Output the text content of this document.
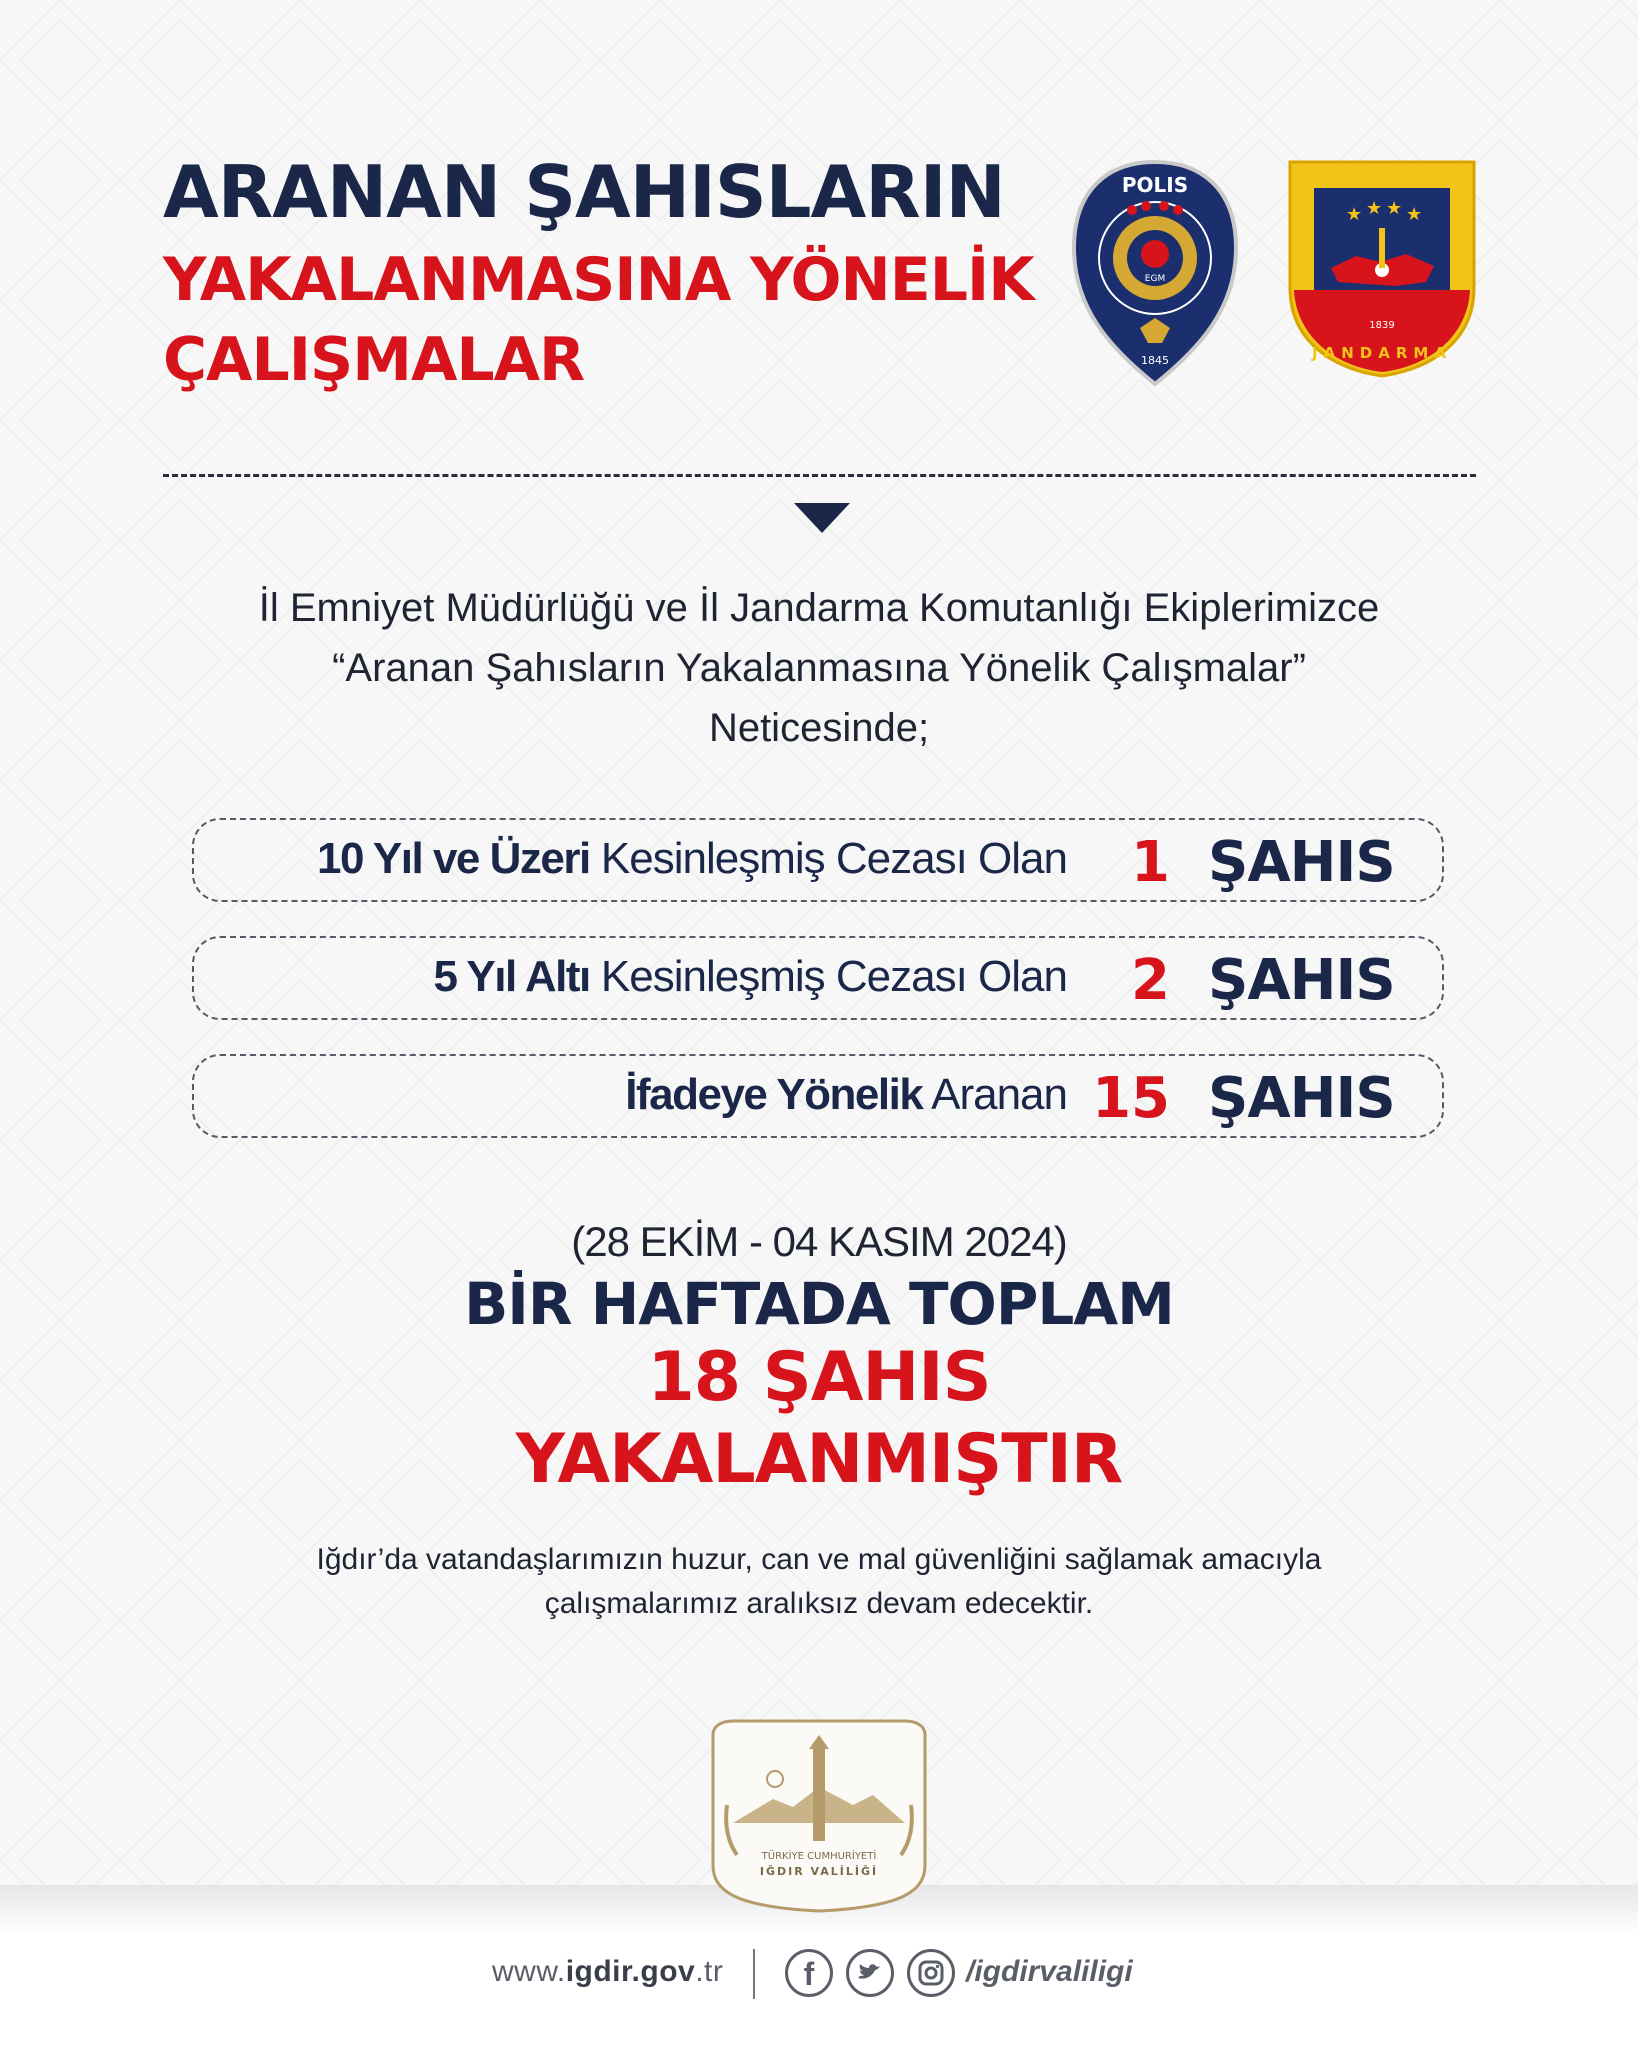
ARANAN ŞAHISLARIN
YAKALANMASINA YÖNELİK
ÇALIŞMALAR
POLIS
EGM
1845
★ ★ ★ ★
1839
JANDARMA
İl Emniyet Müdürlüğü ve İl Jandarma Komutanlığı Ekiplerimizce
“Aranan Şahısların Yakalanmasına Yönelik Çalışmalar”
Neticesinde;
10 Yıl ve Üzeri Kesinleşmiş Cezası Olan 1 ŞAHIS
5 Yıl Altı Kesinleşmiş Cezası Olan 2 ŞAHIS
İfadeye Yönelik Aranan 15 ŞAHIS
(28 EKİM - 04 KASIM 2024)
BİR HAFTADA TOPLAM
18 ŞAHIS
YAKALANMIŞTIR
Iğdır’da vatandaşlarımızın huzur, can ve mal güvenliğini sağlamak amacıyla
çalışmalarımız aralıksız devam edecektir.
TÜRKİYE CUMHURİYETİ
IĞDIR VALİLİĞİ
www.igdir.gov.tr	f	/igdirvaliligi
